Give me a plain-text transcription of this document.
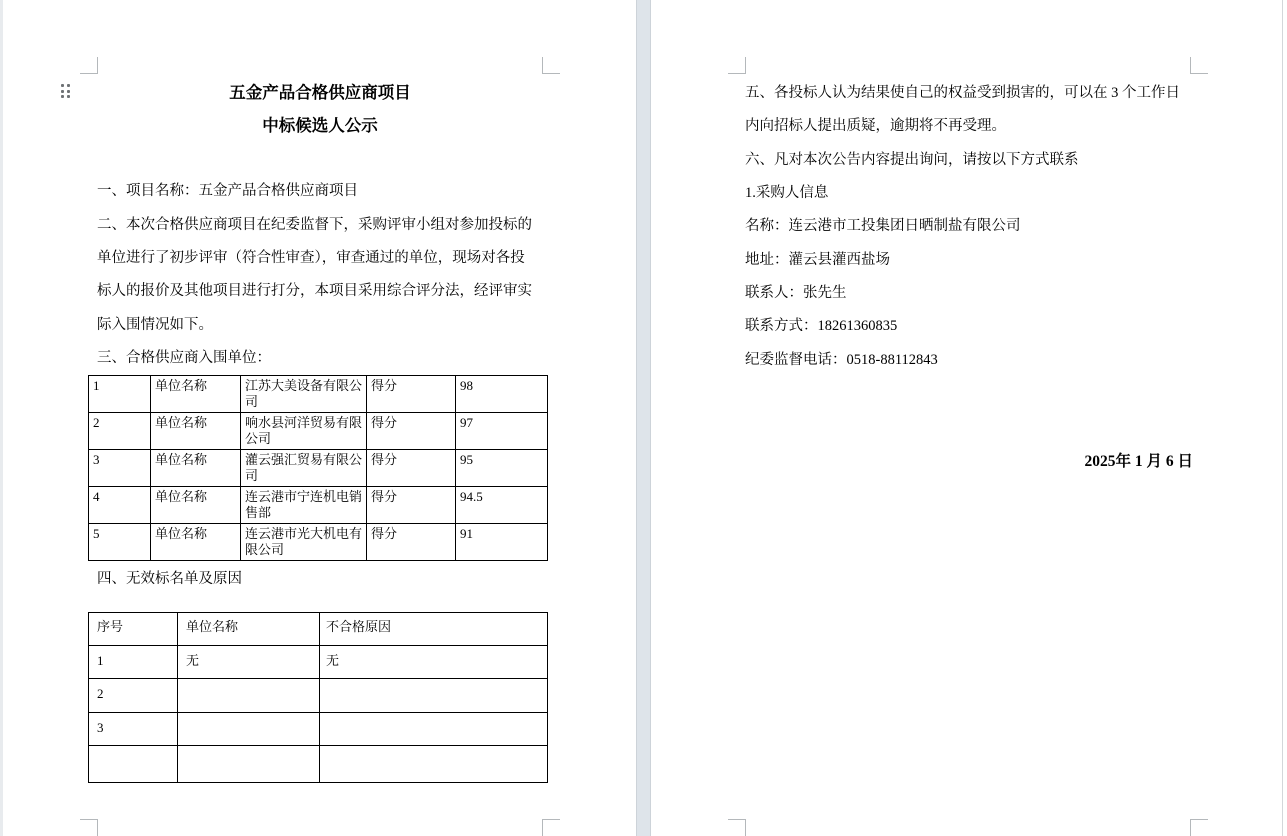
五金产品合格供应商项目
中标候选人公示
一、项目名称：五金产品合格供应商项目
二、本次合格供应商项目在纪委监督下，采购评审小组对参加投标的
单位进行了初步评审（符合性审查），审查通过的单位，现场对各投
标人的报价及其他项目进行打分，本项目采用综合评分法，经评审实
际入围情况如下。
三、合格供应商入围单位：
1	单位名称	江苏大美设备有限公司	得分	98
2	单位名称	响水县河洋贸易有限公司	得分	97
3	单位名称	灌云强汇贸易有限公司	得分	95
4	单位名称	连云港市宁连机电销售部	得分	94.5
5	单位名称	连云港市光大机电有限公司	得分	91
四、无效标名单及原因
序号	单位名称	不合格原因
1	无	无
2		
3		

五、各投标人认为结果使自己的权益受到损害的，可以在 3 个工作日
内向招标人提出质疑，逾期将不再受理。
六、凡对本次公告内容提出询问，请按以下方式联系
1.采购人信息
名称：连云港市工投集团日晒制盐有限公司
地址：灌云县灌西盐场
联系人：张先生
联系方式：18261360835
纪委监督电话：0518-88112843
2025年 1 月 6 日
